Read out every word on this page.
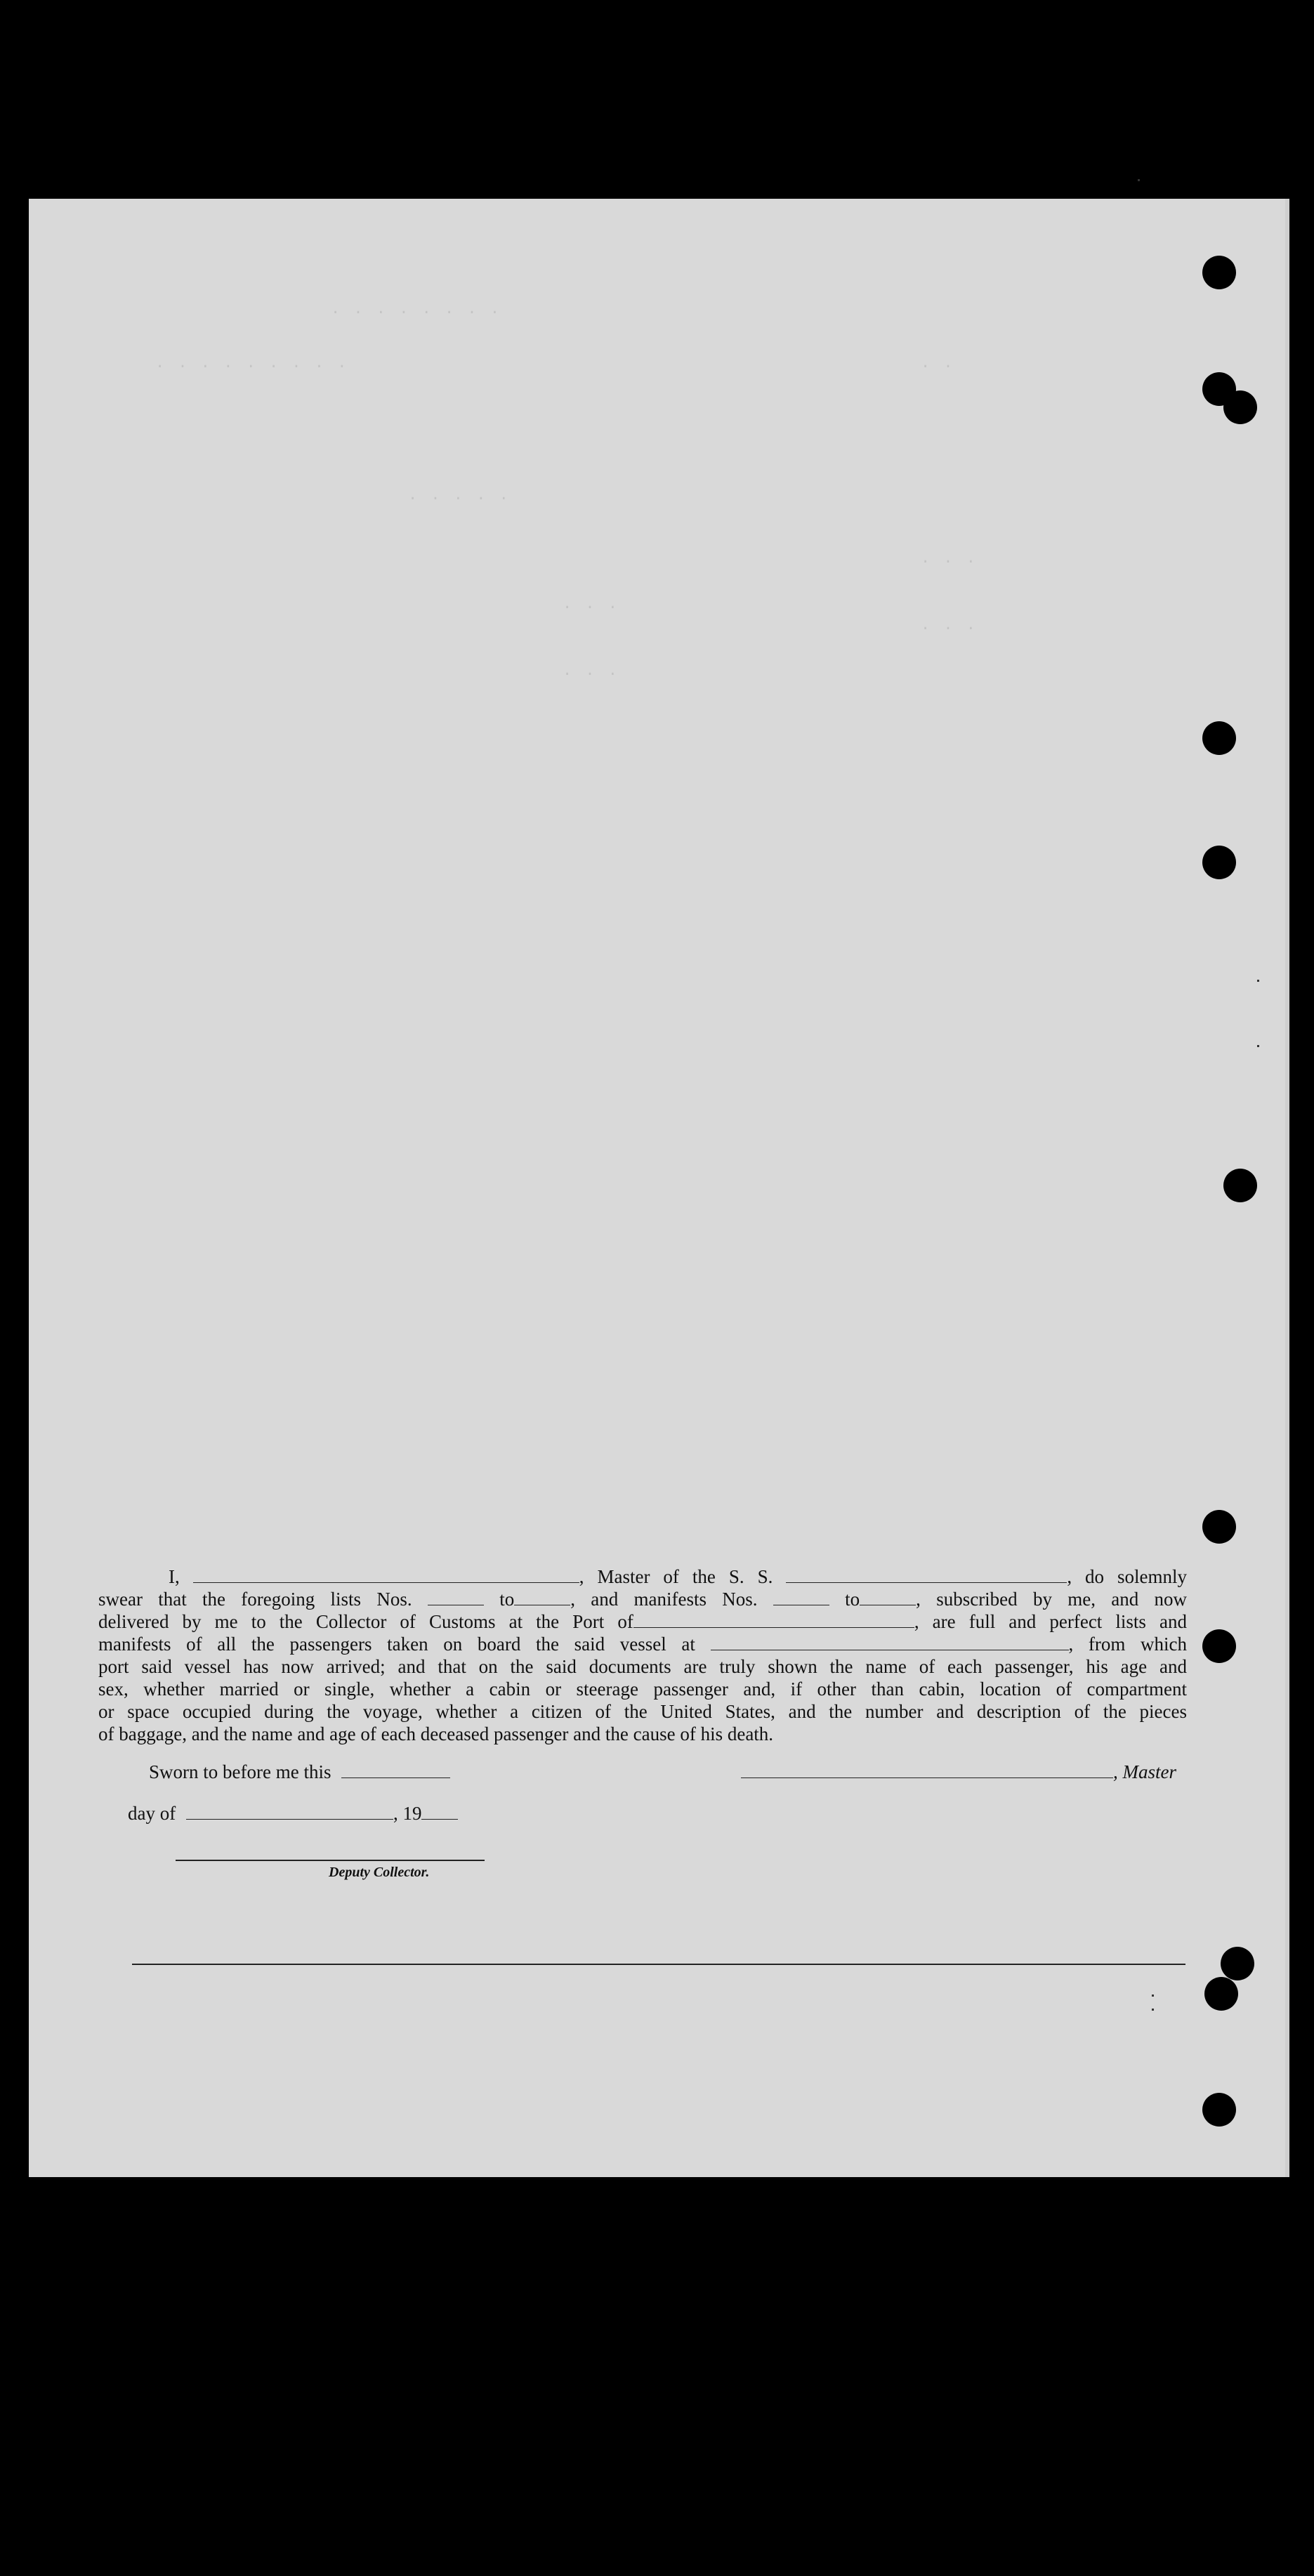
. . . . . . . .
. . . . . . . . .	. .
. . . . .
. . .
. . .
. . .
. . .
I,	, Master of the S. S.	, do solemnly
swear that the foregoing lists Nos.	to	, and manifests Nos.	to	, subscribed by me, and now
delivered by me to the Collector of Customs at the Port of	, are full and perfect lists and
manifests of all the passengers taken on board the said vessel at	, from which
port said vessel has now arrived; and that on the said documents are truly shown the name of each passenger, his age and
sex, whether married or single, whether a cabin or steerage passenger and, if other than cabin, location of compartment
or space occupied during the voyage, whether a citizen of the United States, and the number and description of the pieces
of baggage, and the name and age of each deceased passenger and the cause of his death.
Sworn to before me this	, Master
day of	, 19
Deputy Collector.
